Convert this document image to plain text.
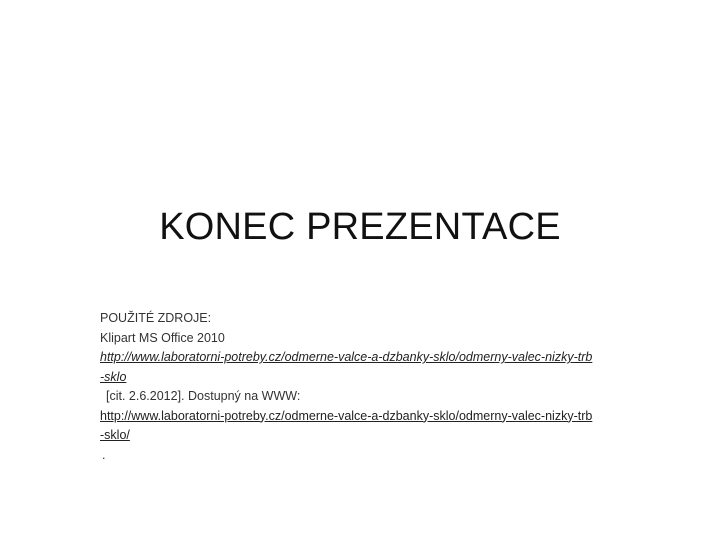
KONEC PREZENTACE
POUŽITÉ ZDROJE:
Klipart MS Office 2010
http://www.laboratorni-potreby.cz/odmerne-valce-a-dzbanky-sklo/odmerny-valec-nizky-trb
-sklo
[cit. 2.6.2012]. Dostupný na WWW:
http://www.laboratorni-potreby.cz/odmerne-valce-a-dzbanky-sklo/odmerny-valec-nizky-trb
-sklo/
.
